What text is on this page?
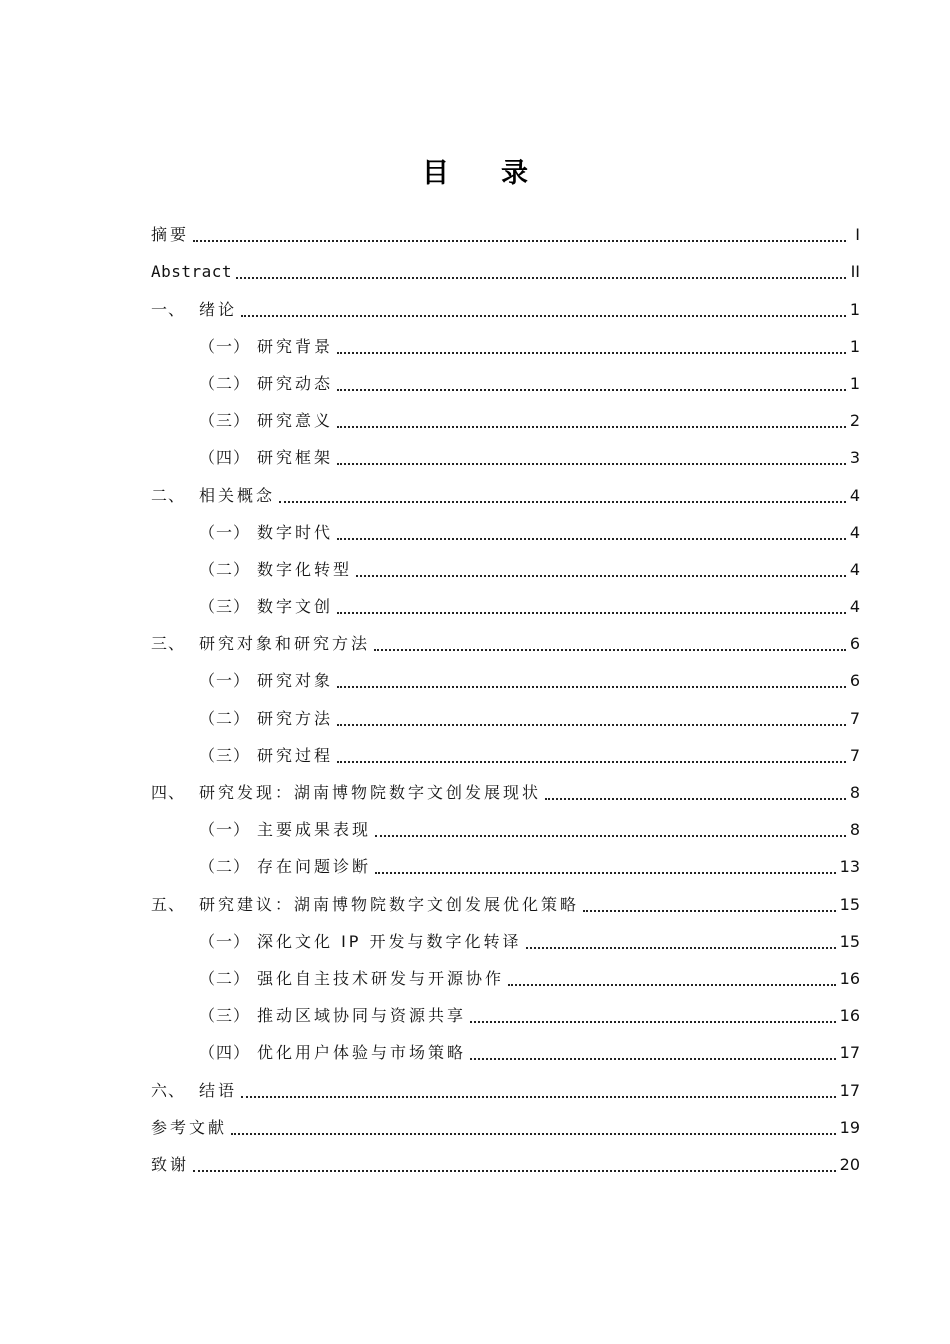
目录
摘要	I
Abstract	II
一、 绪论	1
（一） 研究背景	1
（二） 研究动态	1
（三） 研究意义	2
（四） 研究框架	3
二、 相关概念	4
（一） 数字时代	4
（二） 数字化转型	4
（三） 数字文创	4
三、 研究对象和研究方法	6
（一） 研究对象	6
（二） 研究方法	7
（三） 研究过程	7
四、 研究发现：湖南博物院数字文创发展现状	8
（一） 主要成果表现	8
（二） 存在问题诊断	13
五、 研究建议：湖南博物院数字文创发展优化策略	15
（一） 深化文化 IP 开发与数字化转译	15
（二） 强化自主技术研发与开源协作	16
（三） 推动区域协同与资源共享	16
（四） 优化用户体验与市场策略	17
六、 结语	17
参考文献	19
致谢	20
